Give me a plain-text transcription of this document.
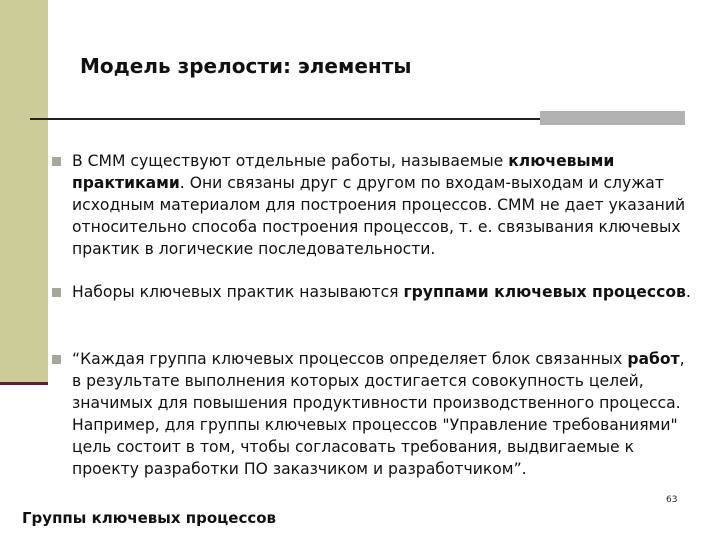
Модель зрелости: элементы

В СММ существуют отдельные работы, называемые ключевыми практиками. Они связаны друг с другом по входам-выходам и служат исходным материалом для построения процессов. СММ не дает указаний относительно способа построения процессов, т. е. связывания ключевых практик в логические последовательности.

Наборы ключевых практик называются группами ключевых процессов.

“Каждая группа ключевых процессов определяет блок связанных работ, в результате выполнения которых достигается совокупность целей, значимых для повышения продуктивности производственного процесса. Например, для группы ключевых процессов "Управление требованиями" цель состоит в том, чтобы согласовать требования, выдвигаемые к проекту разработки ПО заказчиком и разработчиком”.

63
Группы ключевых процессов
